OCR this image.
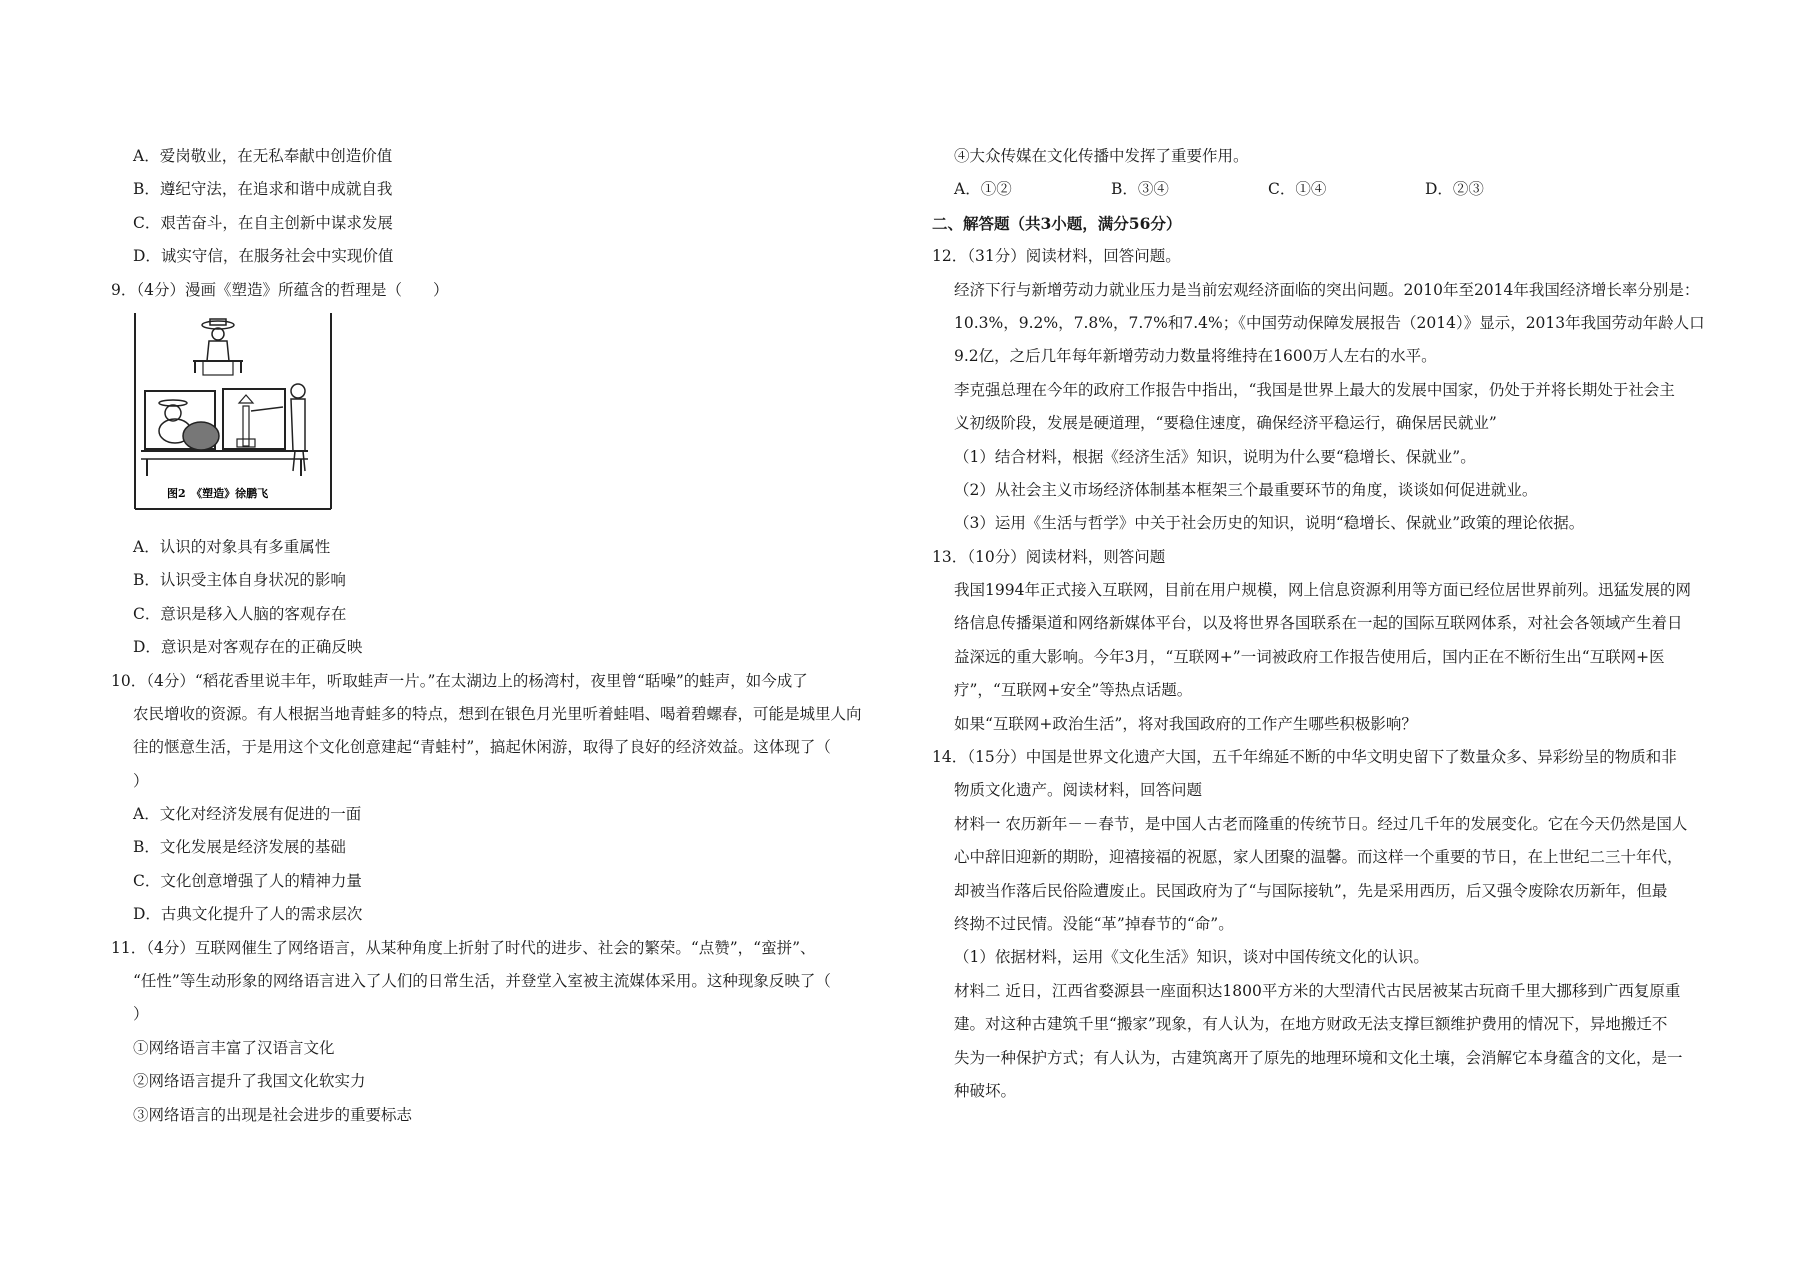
A．爱岗敬业，在无私奉献中创造价值
B．遵纪守法，在追求和谐中成就自我
C．艰苦奋斗，在自主创新中谋求发展
D．诚实守信，在服务社会中实现价值
9．（4分）漫画《塑造》所蕴含的哲理是（　　）
图2　《塑造》徐鹏飞
A．认识的对象具有多重属性
B．认识受主体自身状况的影响
C．意识是移入人脑的客观存在
D．意识是对客观存在的正确反映
10．（4分）“稻花香里说丰年，听取蛙声一片。”在太湖边上的杨湾村，夜里曾“聒噪”的蛙声，如今成了
农民增收的资源。有人根据当地青蛙多的特点，想到在银色月光里听着蛙唱、喝着碧螺春，可能是城里人向
往的惬意生活，于是用这个文化创意建起“青蛙村”，搞起休闲游，取得了良好的经济效益。这体现了（
）
A．文化对经济发展有促进的一面
B．文化发展是经济发展的基础
C．文化创意增强了人的精神力量
D．古典文化提升了人的需求层次
11．（4分）互联网催生了网络语言，从某种角度上折射了时代的进步、社会的繁荣。“点赞”，“蛮拼”、
“任性”等生动形象的网络语言进入了人们的日常生活，并登堂入室被主流媒体采用。这种现象反映了（
）
①网络语言丰富了汉语言文化
②网络语言提升了我国文化软实力
③网络语言的出现是社会进步的重要标志
④大众传媒在文化传播中发挥了重要作用。
A．①②	B．③④	C．①④	D．②③
二、解答题（共3小题，满分56分）
12．（31分）阅读材料，回答问题。
经济下行与新增劳动力就业压力是当前宏观经济面临的突出问题。2010年至2014年我国经济增长率分别是：
10.3%，9.2%，7.8%，7.7%和7.4%；《中国劳动保障发展报告（2014）》显示，2013年我国劳动年龄人口
9.2亿，之后几年每年新增劳动力数量将维持在1600万人左右的水平。
李克强总理在今年的政府工作报告中指出，“我国是世界上最大的发展中国家，仍处于并将长期处于社会主
义初级阶段，发展是硬道理，“要稳住速度，确保经济平稳运行，确保居民就业”
（1）结合材料，根据《经济生活》知识，说明为什么要“稳增长、保就业”。
（2）从社会主义市场经济体制基本框架三个最重要环节的角度，谈谈如何促进就业。
（3）运用《生活与哲学》中关于社会历史的知识，说明“稳增长、保就业”政策的理论依据。
13．（10分）阅读材料，则答问题
我国1994年正式接入互联网，目前在用户规模，网上信息资源利用等方面已经位居世界前列。迅猛发展的网
络信息传播渠道和网络新媒体平台，以及将世界各国联系在一起的国际互联网体系，对社会各领域产生着日
益深远的重大影响。今年3月，“互联网+”一词被政府工作报告使用后，国内正在不断衍生出“互联网+医
疗”，“互联网+安全”等热点话题。
如果“互联网+政治生活”，将对我国政府的工作产生哪些积极影响？
14．（15分）中国是世界文化遗产大国，五千年绵延不断的中华文明史留下了数量众多、异彩纷呈的物质和非
物质文化遗产。阅读材料，回答问题
材料一 农历新年－－春节，是中国人古老而隆重的传统节日。经过几千年的发展变化。它在今天仍然是国人
心中辞旧迎新的期盼，迎禧接福的祝愿，家人团聚的温馨。而这样一个重要的节日，在上世纪二三十年代，
却被当作落后民俗险遭废止。民国政府为了“与国际接轨”，先是采用西历，后又强令废除农历新年，但最
终拗不过民情。没能“革”掉春节的“命”。
（1）依据材料，运用《文化生活》知识，谈对中国传统文化的认识。
材料二 近日，江西省婺源县一座面积达1800平方米的大型清代古民居被某古玩商千里大挪移到广西复原重
建。对这种古建筑千里“搬家”现象，有人认为，在地方财政无法支撑巨额维护费用的情况下，异地搬迁不
失为一种保护方式；有人认为，古建筑离开了原先的地理环境和文化土壤，会消解它本身蕴含的文化，是一
种破坏。
